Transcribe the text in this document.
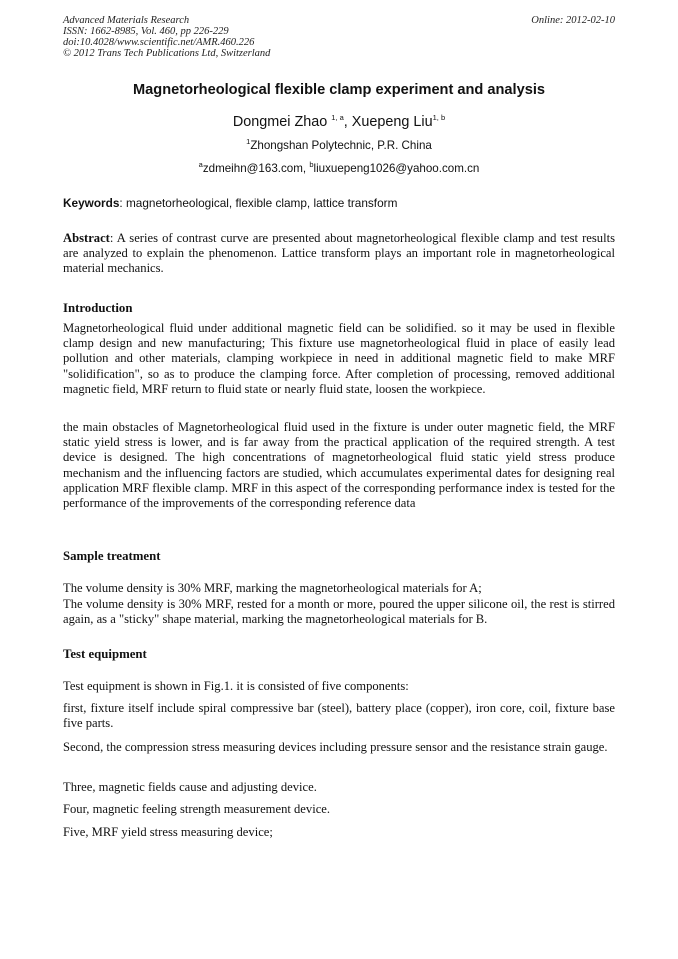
Advanced Materials Research
ISSN: 1662-8985, Vol. 460, pp 226-229
doi:10.4028/www.scientific.net/AMR.460.226
© 2012 Trans Tech Publications Ltd, Switzerland
Online: 2012-02-10
Magnetorheological flexible clamp experiment and analysis
Dongmei Zhao $^{1, a}$, Xuepeng Liu$^{1, b}$
$^1$Zhongshan Polytechnic, P.R. China
$^a$zdmeihn@163.com, $^b$liuxuepeng1026@yahoo.com.cn
Keywords: magnetorheological, flexible clamp, lattice transform
Abstract: A series of contrast curve are presented about magnetorheological flexible clamp and test results are analyzed to explain the phenomenon. Lattice transform plays an important role in magnetorheological material mechanics.
Introduction
Magnetorheological fluid under additional magnetic field can be solidified. so it may be used in flexible clamp design and new manufacturing; This fixture use magnetorheological fluid in place of easily lead pollution and other materials, clamping workpiece in need in additional magnetic field to make MRF "solidification", so as to produce the clamping force. After completion of processing, removed additional magnetic field, MRF return to fluid state or nearly fluid state, loosen the workpiece.
the main obstacles of Magnetorheological fluid used in the fixture is under outer magnetic field, the MRF static yield stress is lower, and is far away from the practical application of the required strength. A test device is designed. The high concentrations of magnetorheological fluid static yield stress produce mechanism and the influencing factors are studied, which accumulates experimental dates for designing real application MRF flexible clamp. MRF in this aspect of the corresponding performance index is tested for the performance of the improvements of the corresponding reference data
Sample treatment
The volume density is 30% MRF, marking the magnetorheological materials for A;
The volume density is 30% MRF, rested for a month or more, poured the upper silicone oil, the rest is stirred again, as a "sticky" shape material, marking the magnetorheological materials for B.
Test equipment
Test equipment is shown in Fig.1. it is consisted of five components:
first, fixture itself include spiral compressive bar (steel), battery place (copper), iron core, coil, fixture base five parts.
Second, the compression stress measuring devices including pressure sensor and the resistance strain gauge.
Three, magnetic fields cause and adjusting device.
Four, magnetic feeling strength measurement device.
Five, MRF yield stress measuring device;
